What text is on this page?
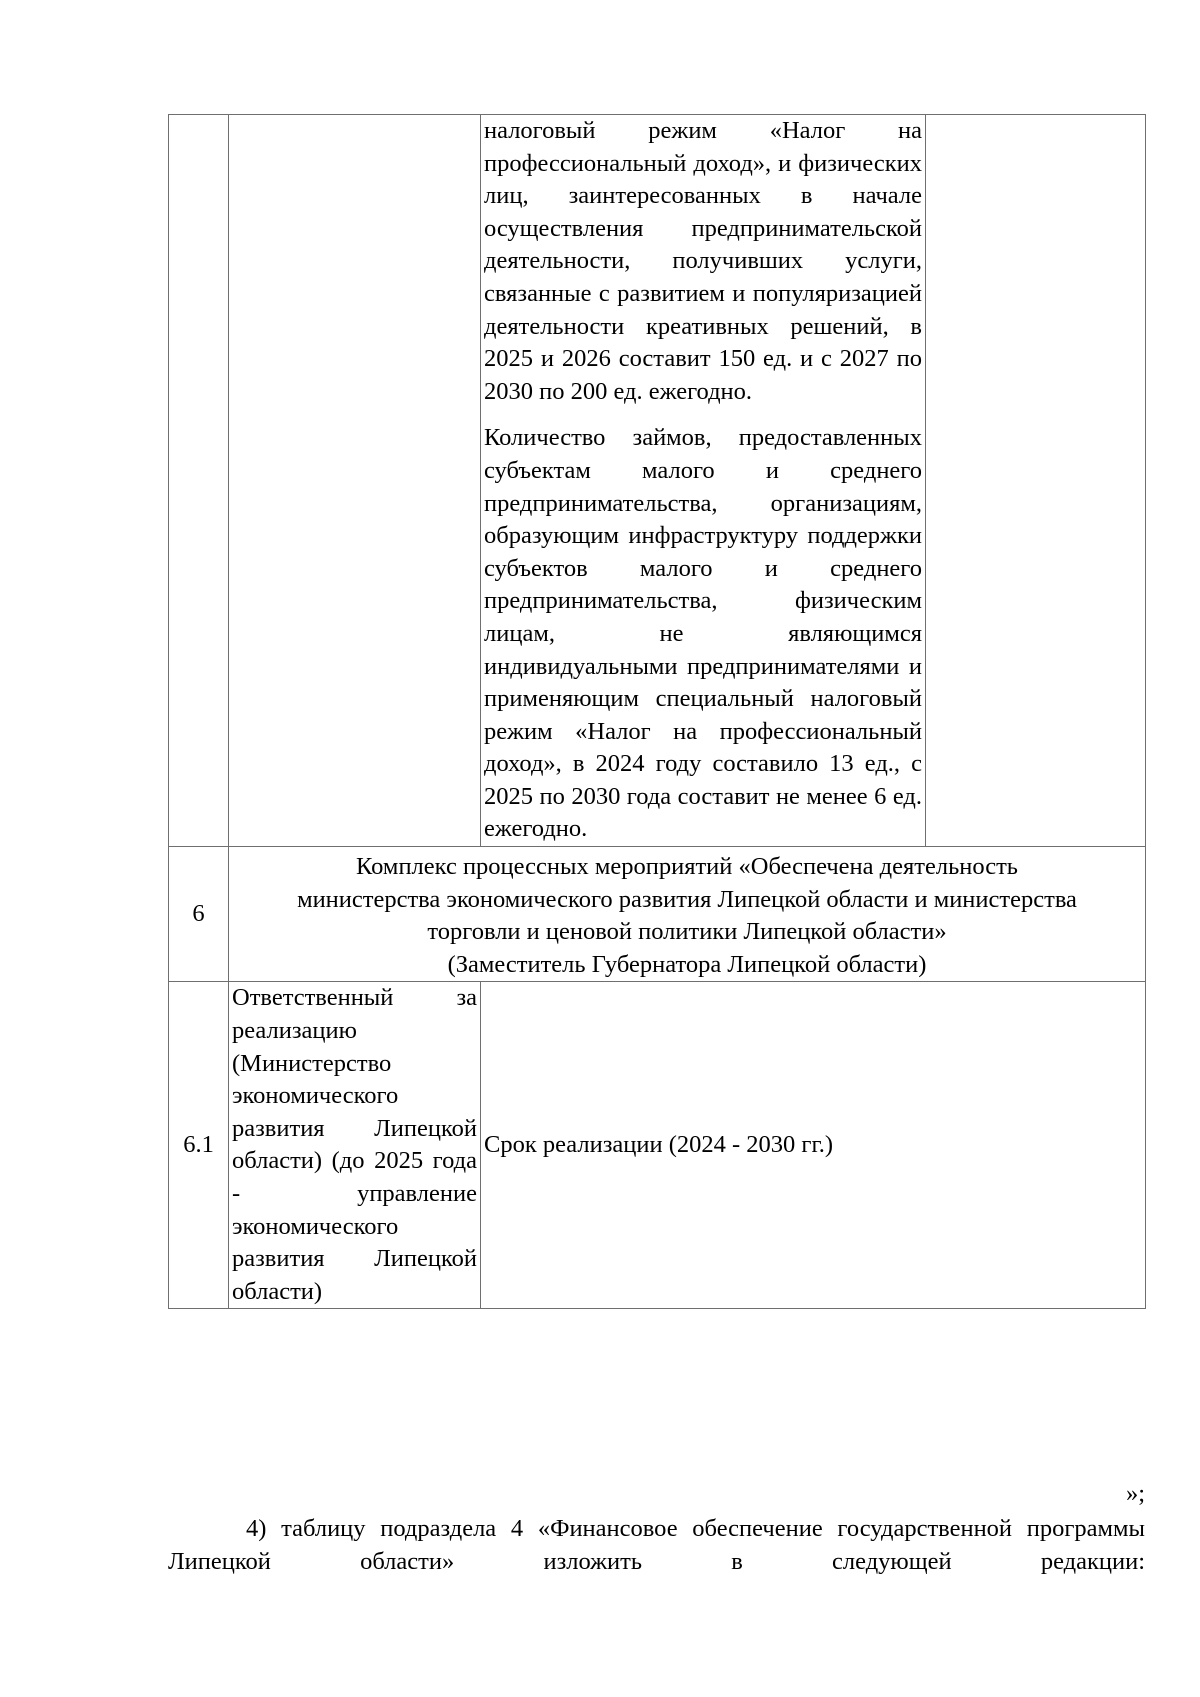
		налоговый режим «Налог на профессиональный доход», и физических лиц, заинтересованных в начале осуществления предпринимательской деятельности, получивших услуги, связанные с развитием и популяризацией деятельности креативных решений, в 2025 и 2026 составит 150 ед. и с 2027 по 2030 по 200 ед. ежегодно.

Количество займов, предоставленных субъектам малого и среднего предпринимательства, организациям, образующим инфраструктуру поддержки субъектов малого и среднего предпринимательства, физическим лицам, не являющимся индивидуальными предпринимателями и применяющим специальный налоговый режим «Налог на профессиональный доход», в 2024 году составило 13 ед., с 2025 по 2030 года составит не менее 6 ед. ежегодно.	

6	Комплекс процессных мероприятий «Обеспечена деятельность
министерства экономического развития Липецкой области и министерства
торговли и ценовой политики Липецкой области»
(Заместитель Губернатора Липецкой области)		

6.1	Ответственный за реализацию (Министерство экономического развития Липецкой области) (до 2025 года - управление экономического развития Липецкой области)	Срок реализации (2024 - 2030 гг.)	
»;
4) таблицу подраздела 4 «Финансовое обеспечение государственной программы Липецкой области» изложить в следующей редакции:
